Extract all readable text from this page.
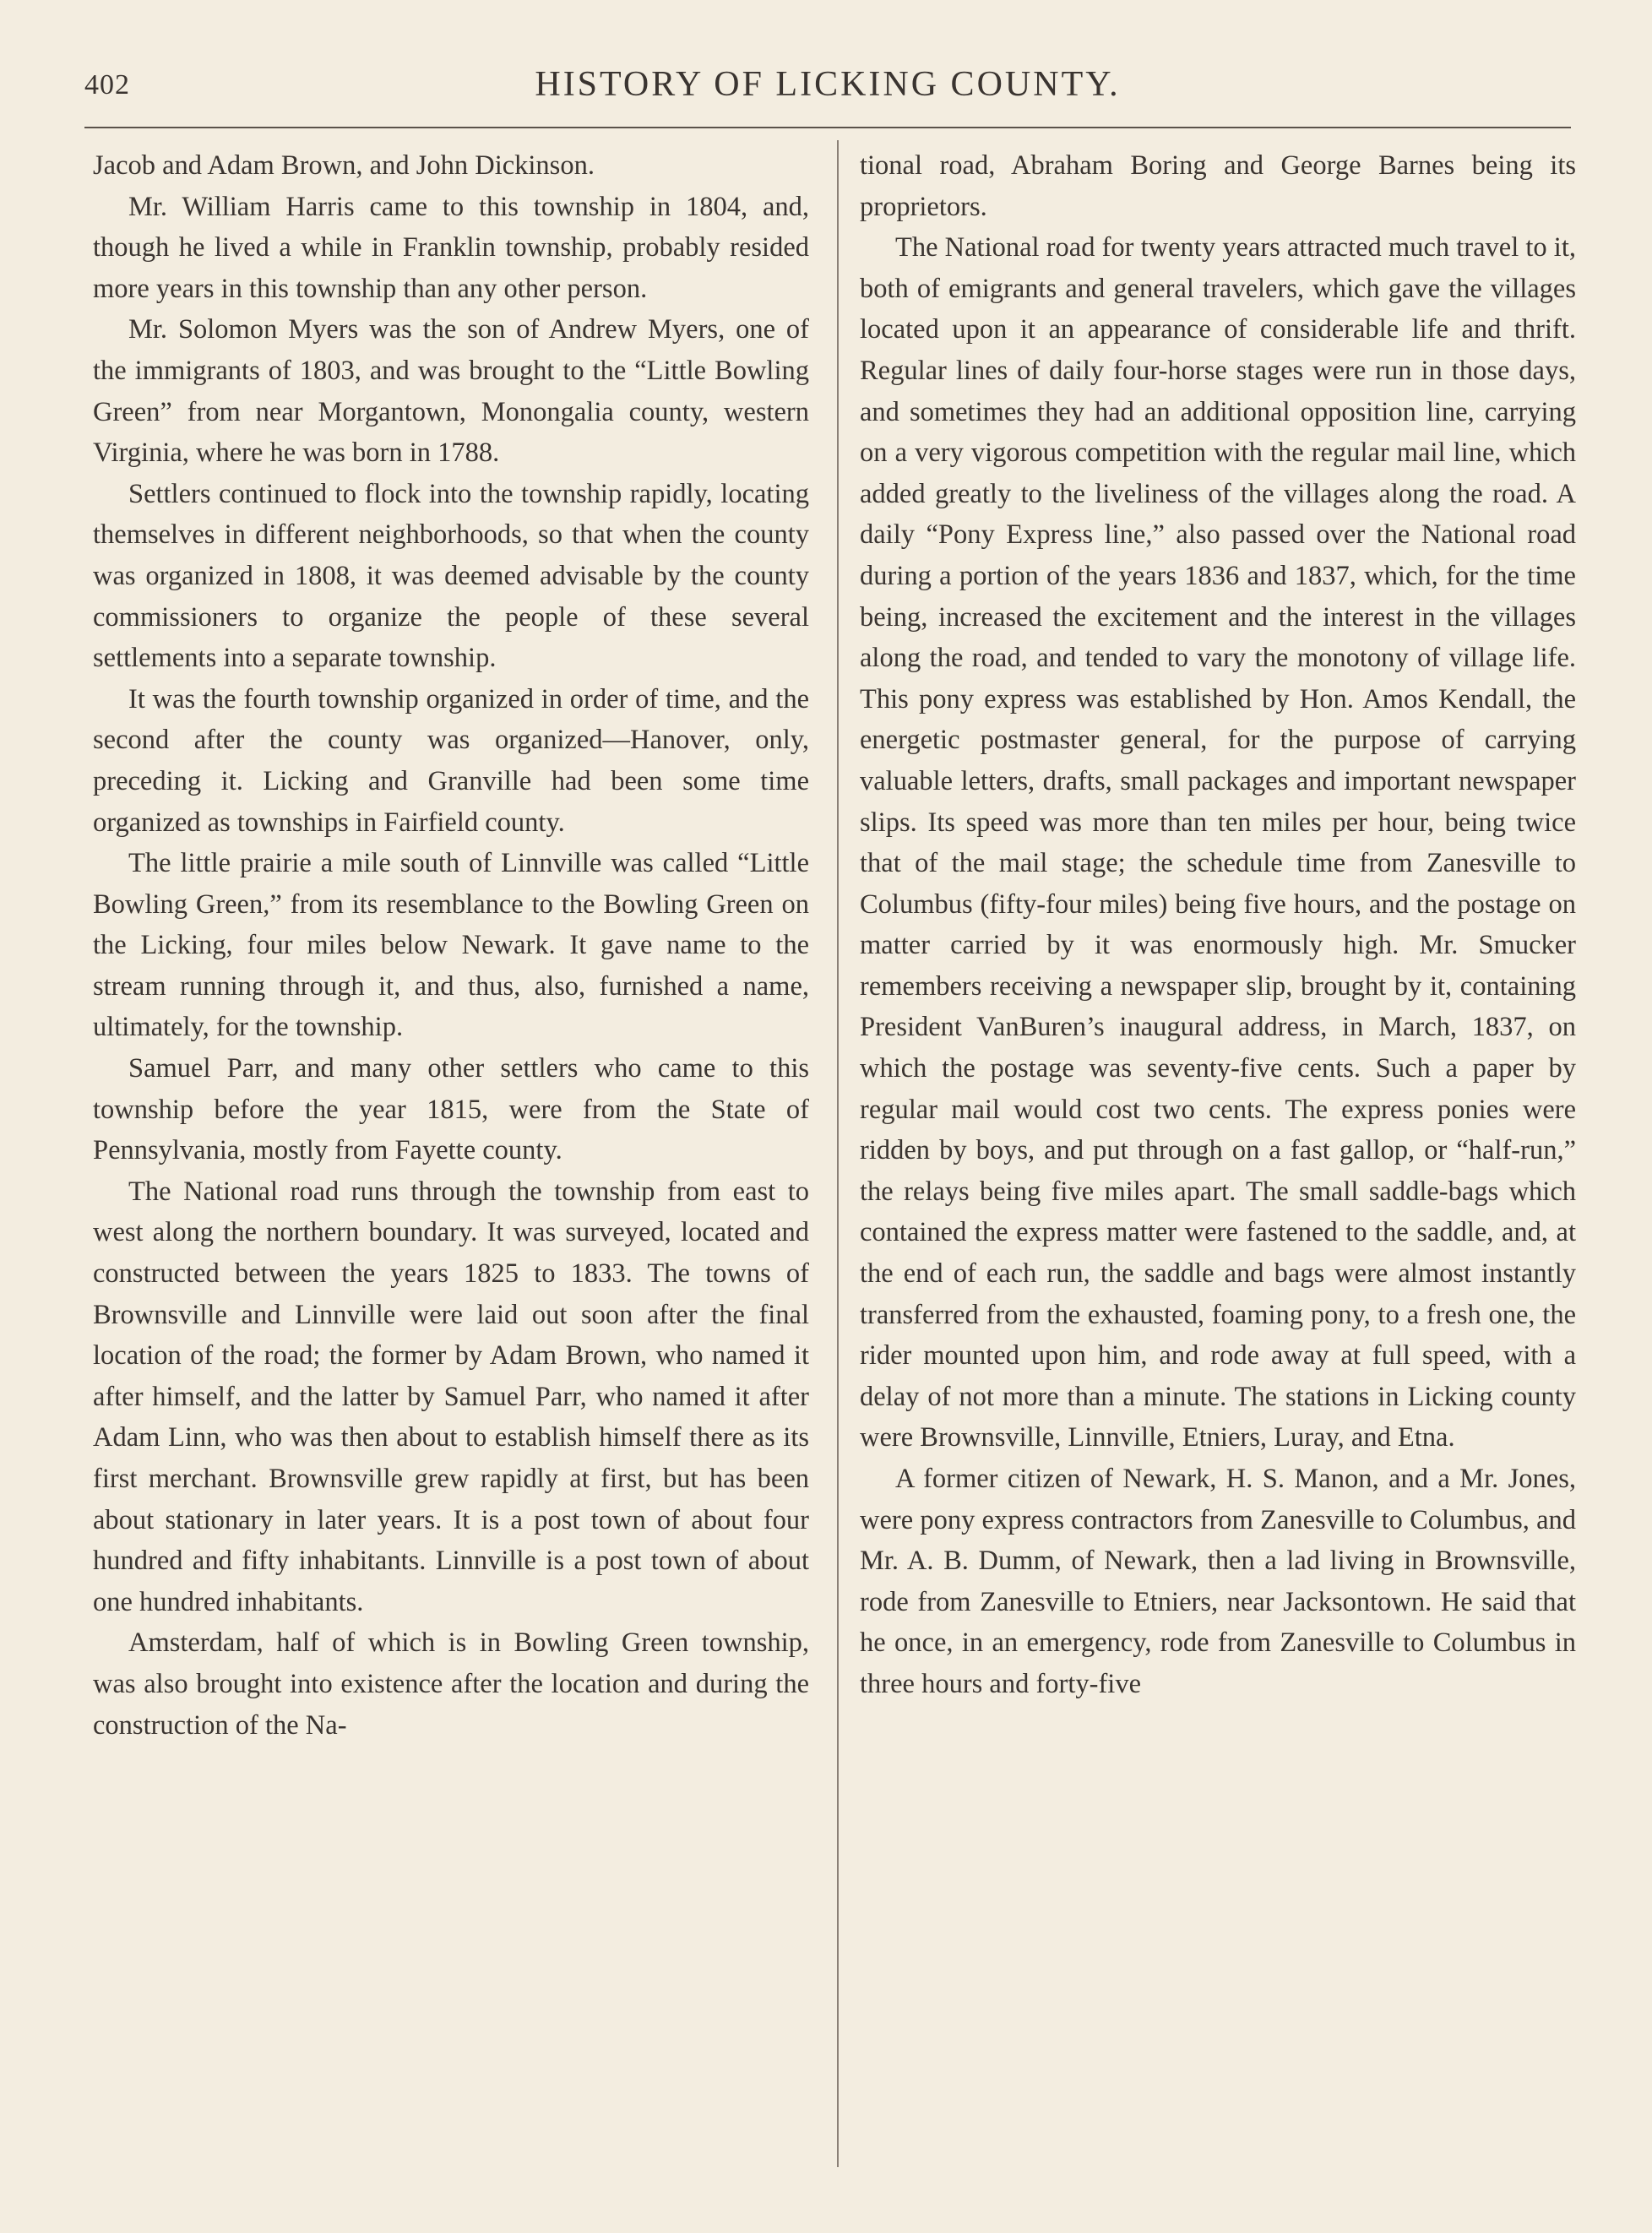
402	HISTORY OF LICKING COUNTY.

Jacob and Adam Brown, and John Dickinson.

Mr. William Harris came to this township in 1804, and, though he lived a while in Franklin township, probably resided more years in this township than any other person.

Mr. Solomon Myers was the son of Andrew Myers, one of the immigrants of 1803, and was brought to the “Little Bowling Green” from near Morgantown, Monongalia county, western Virginia, where he was born in 1788.

Settlers continued to flock into the township rapidly, locating themselves in different neighborhoods, so that when the county was organized in 1808, it was deemed advisable by the county commissioners to organize the people of these several settlements into a separate township.

It was the fourth township organized in order of time, and the second after the county was organized—Hanover, only, preceding it. Licking and Granville had been some time organized as townships in Fairfield county.

The little prairie a mile south of Linnville was called “Little Bowling Green,” from its resemblance to the Bowling Green on the Licking, four miles below Newark. It gave name to the stream running through it, and thus, also, furnished a name, ultimately, for the township.

Samuel Parr, and many other settlers who came to this township before the year 1815, were from the State of Pennsylvania, mostly from Fayette county.

The National road runs through the township from east to west along the northern boundary. It was surveyed, located and constructed between the years 1825 to 1833. The towns of Brownsville and Linnville were laid out soon after the final location of the road; the former by Adam Brown, who named it after himself, and the latter by Samuel Parr, who named it after Adam Linn, who was then about to establish himself there as its first merchant. Brownsville grew rapidly at first, but has been about stationary in later years. It is a post town of about four hundred and fifty inhabitants. Linnville is a post town of about one hundred inhabitants.

Amsterdam, half of which is in Bowling Green township, was also brought into existence after the location and during the construction of the Na-

tional road, Abraham Boring and George Barnes being its proprietors.

The National road for twenty years attracted much travel to it, both of emigrants and general travelers, which gave the villages located upon it an appearance of considerable life and thrift. Regular lines of daily four-horse stages were run in those days, and sometimes they had an additional opposition line, carrying on a very vigorous competition with the regular mail line, which added greatly to the liveliness of the villages along the road. A daily “Pony Express line,” also passed over the National road during a portion of the years 1836 and 1837, which, for the time being, increased the excitement and the interest in the villages along the road, and tended to vary the monotony of village life. This pony express was established by Hon. Amos Kendall, the energetic postmaster general, for the purpose of carrying valuable letters, drafts, small packages and important newspaper slips. Its speed was more than ten miles per hour, being twice that of the mail stage; the schedule time from Zanesville to Columbus (fifty-four miles) being five hours, and the postage on matter carried by it was enormously high. Mr. Smucker remembers receiving a newspaper slip, brought by it, containing President VanBuren’s inaugural address, in March, 1837, on which the postage was seventy-five cents. Such a paper by regular mail would cost two cents. The express ponies were ridden by boys, and put through on a fast gallop, or “half-run,” the relays being five miles apart. The small saddle-bags which contained the express matter were fastened to the saddle, and, at the end of each run, the saddle and bags were almost instantly transferred from the exhausted, foaming pony, to a fresh one, the rider mounted upon him, and rode away at full speed, with a delay of not more than a minute. The stations in Licking county were Brownsville, Linnville, Etniers, Luray, and Etna.

A former citizen of Newark, H. S. Manon, and a Mr. Jones, were pony express contractors from Zanesville to Columbus, and Mr. A. B. Dumm, of Newark, then a lad living in Brownsville, rode from Zanesville to Etniers, near Jacksontown. He said that he once, in an emergency, rode from Zanesville to Columbus in three hours and forty-five
